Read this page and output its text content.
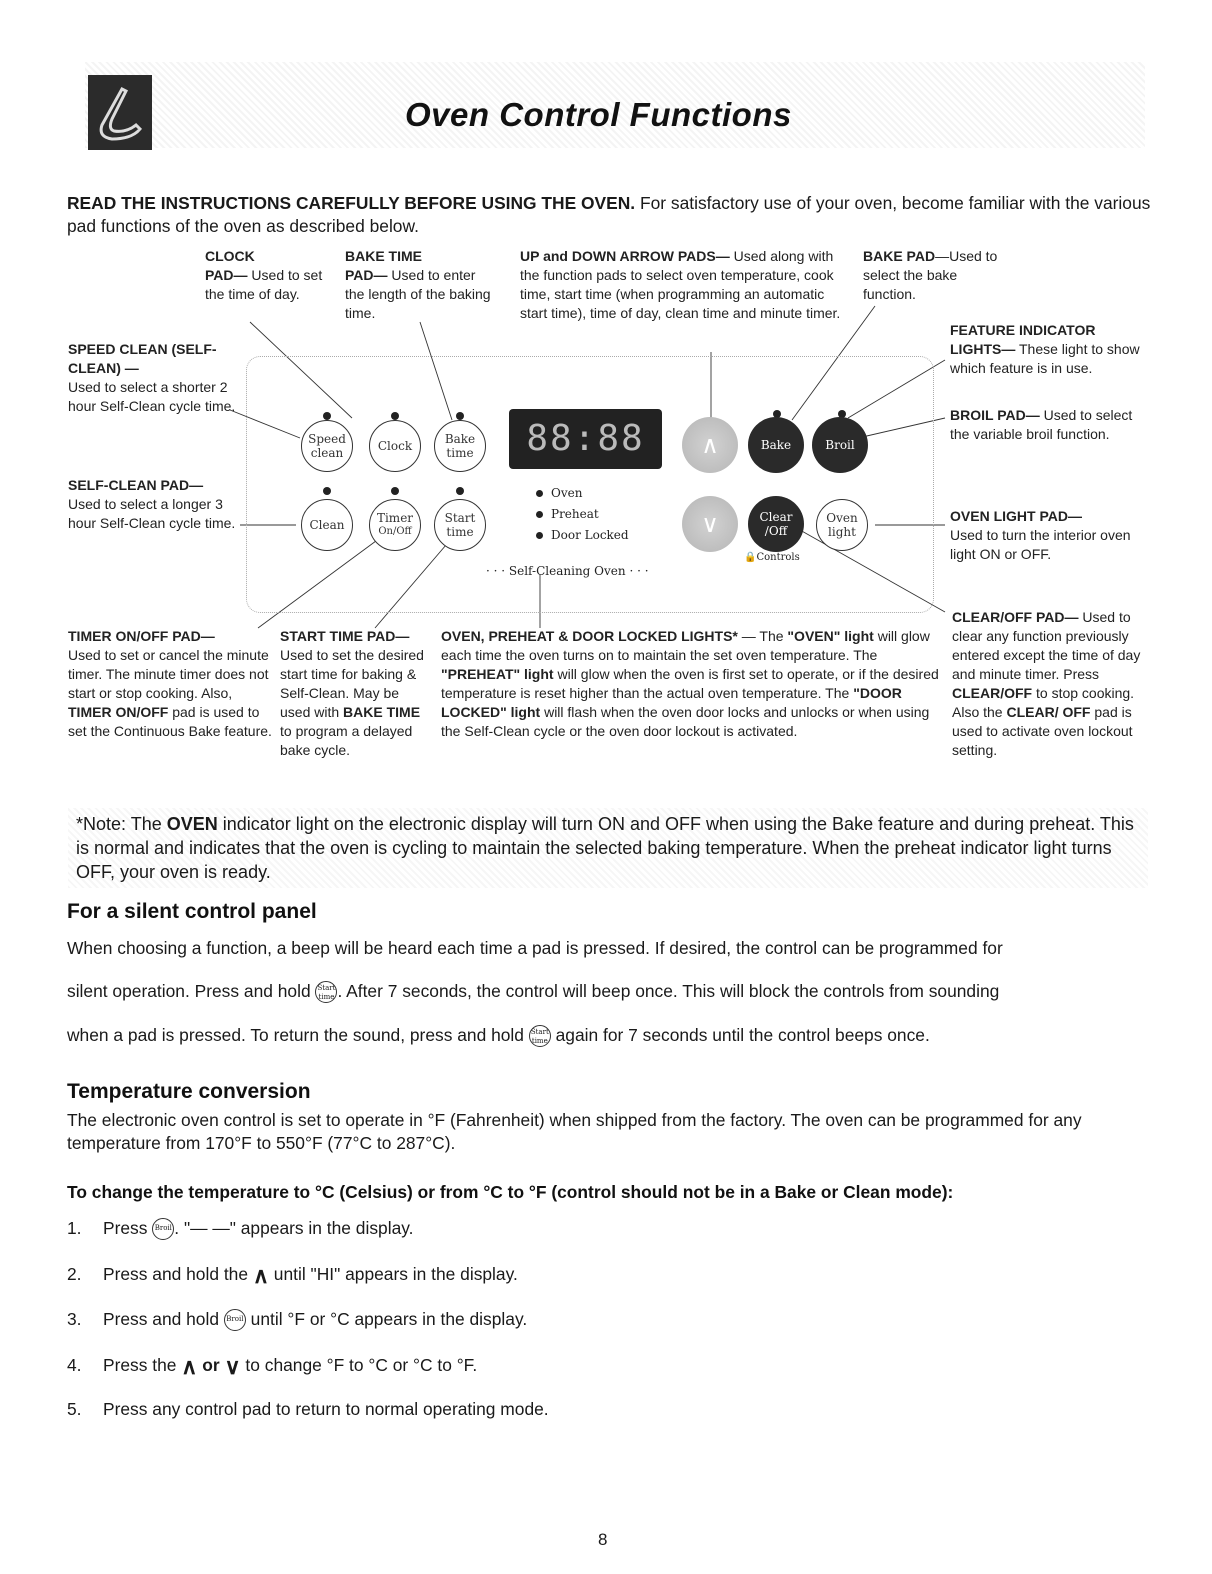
Oven Control Functions
READ THE INSTRUCTIONS CAREFULLY BEFORE USING THE OVEN. For satisfactory use of your oven, become familiar with the various pad functions of the oven as described below.
Speed
clean	Clock	Bake
time	88:88	∧	Bake	Broil
Clean	Timer
On/Off
Start
time
Oven
Preheat
Door Locked	∨	Clear
/Off
Oven
light
🔒Controls
· · · Self-Cleaning Oven · · ·
CLOCK
PAD— Used to set the time of day.
BAKE TIME
PAD— Used to enter the length of the baking time.
UP and DOWN ARROW PADS— Used along with the function pads to select oven temperature, cook time, start time (when programming an automatic start time), time of day, clean time and minute timer.
BAKE PAD—Used to select the bake function.
FEATURE INDICATOR LIGHTS— These light to show which feature is in use.
SPEED CLEAN (SELF-CLEAN) —
Used to select a shorter 2 hour Self-Clean cycle time.
BROIL PAD— Used to select the variable broil function.
SELF-CLEAN PAD—
Used to select a longer 3 hour Self-Clean cycle time.	OVEN LIGHT PAD—
Used to turn the interior oven light ON or OFF.
TIMER ON/OFF PAD—
Used to set or cancel the minute timer. The minute timer does not start or stop cooking. Also, TIMER ON/OFF pad is used to set the Continuous Bake feature.
START TIME PAD— Used to set the desired start time for baking & Self-Clean. May be used with BAKE TIME to program a delayed bake cycle.
OVEN, PREHEAT & DOOR LOCKED LIGHTS* — The "OVEN" light will glow each time the oven turns on to maintain the set oven temperature. The "PREHEAT" light will glow when the oven is first set to operate, or if the desired temperature is reset higher than the actual oven temperature. The "DOOR LOCKED" light will flash when the oven door locks and unlocks or when using the Self-Clean cycle or the oven door lockout is activated.
CLEAR/OFF PAD— Used to clear any function previously entered except the time of day and minute timer. Press CLEAR/OFF to stop cooking. Also the CLEAR/ OFF pad is used to activate oven lockout setting.
*Note: The OVEN indicator light on the electronic display will turn ON and OFF when using the Bake feature and during preheat. This is normal and indicates that the oven is cycling to maintain the selected baking temperature. When the preheat indicator light turns OFF, your oven is ready.
For a silent control panel
When choosing a function, a beep will be heard each time a pad is pressed. If desired, the control can be programmed for
silent operation. Press and hold Start
time . After 7 seconds, the control will beep once. This will block the controls from sounding
when a pad is pressed. To return the sound, press and hold Start
time again for 7 seconds until the control beeps once.
Temperature conversion
The electronic oven control is set to operate in °F (Fahrenheit) when shipped from the factory. The oven can be programmed for any temperature from 170°F to 550°F (77°C to 287°C).
To change the temperature to °C (Celsius) or from °C to °F (control should not be in a Bake or Clean mode):
1. Press Broil . "— —" appears in the display.
2. Press and hold the ∧ until "HI" appears in the display.
3. Press and hold Broil until °F or °C appears in the display.
4. Press the ∧ or ∨ to change °F to °C or °C to °F.
5. Press any control pad to return to normal operating mode.
8
